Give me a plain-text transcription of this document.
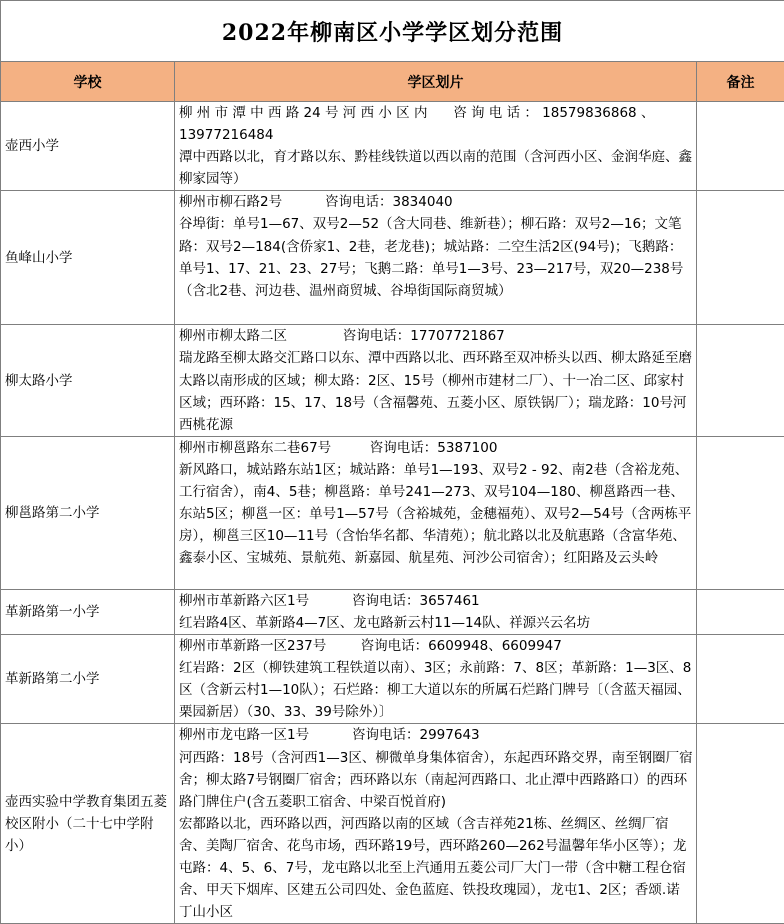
2022年柳南区小学学区划分范围		
学校	学区划片	备注
壶西小学	柳 州 市 潭 中 西 路 24 号 河 西 小 区 内      咨 询 电 话 ： 18579836868 、
13977216484
潭中西路以北，育才路以东、黔桂线铁道以西以南的范围（含河西小区、金润华庭、鑫柳家园等）	
鱼峰山小学	柳州市柳石路2号          咨询电话：3834040
谷埠街：单号1—67、双号2—52（含大同巷、维新巷）；柳石路：双号2—16；文笔路：双号2—184(含侨家1、2巷，老龙巷)；城站路：二空生活2区(94号)；飞鹅路：单号1、17、21、23、27号；飞鹅二路：单号1—3号、23—217号，双20—238号（含北2巷、河边巷、温州商贸城、谷埠街国际商贸城）	
柳太路小学	柳州市柳太路二区             咨询电话：17707721867
瑞龙路至柳太路交汇路口以东、潭中西路以北、西环路至双冲桥头以西、柳太路延至磨太路以南形成的区域；柳太路：2区、15号（柳州市建材二厂）、十一冶二区、邱家村区域；西环路：15、17、18号（含福馨苑、五菱小区、原铁锅厂）；瑞龙路：10号河西桃花源	
柳邕路第二小学	柳州市柳邕路东二巷67号         咨询电话：5387100
新风路口，城站路东站1区；城站路：单号1—193、双号2 - 92、南2巷（含裕龙苑、工行宿舍），南4、5巷；柳邕路：单号241—273、双号104—180、柳邕路西一巷、东站5区；柳邕一区：单号1—57号（含裕城苑，金穗福苑）、双号2—54号（含两栋平房），柳邕三区10—11号（含怡华名都、华清苑）；航北路以北及航惠路（含富华苑、鑫泰小区、宝城苑、景航苑、新嘉园、航星苑、河沙公司宿舍）；红阳路及云头岭	
革新路第一小学	柳州市革新路六区1号          咨询电话：3657461
红岩路4区、革新路4—7区、龙屯路新云村11—14队、祥源兴云名坊	
革新路第二小学	柳州市革新路一区237号        咨询电话：6609948、6609947
红岩路：2区（柳铁建筑工程铁道以南）、3区；永前路：7、8区；革新路：1—3区、8区（含新云村1—10队）；石烂路：柳工大道以东的所属石烂路门牌号〔（含蓝天福园、栗园新居）（30、33、39号除外）〕	
壶西实验中学教育集团五菱校区附小（二十七中学附小）	柳州市龙屯路一区1号          咨询电话：2997643
河西路：18号（含河西1—3区、柳微单身集体宿舍），东起西环路交界，南至钢圈厂宿舍；柳太路7号钢圈厂宿舍；西环路以东（南起河西路口、北止潭中西路路口）的西环路门牌住户(含五菱职工宿舍、中梁百悦首府)
宏都路以北，西环路以西，河西路以南的区域（含吉祥苑21栋、丝绸区、丝绸厂宿舍、美陶厂宿舍、花鸟市场，西环路19号，西环路260—262号温馨年华小区等）；龙屯路：4、5、6、7号，龙屯路以北至上汽通用五菱公司厂大门一带（含中糖工程仓宿舍、甲天下烟库、区建五公司四处、金色蓝庭、铁投玫瑰园），龙屯1、2区；香颂.诺丁山小区	
